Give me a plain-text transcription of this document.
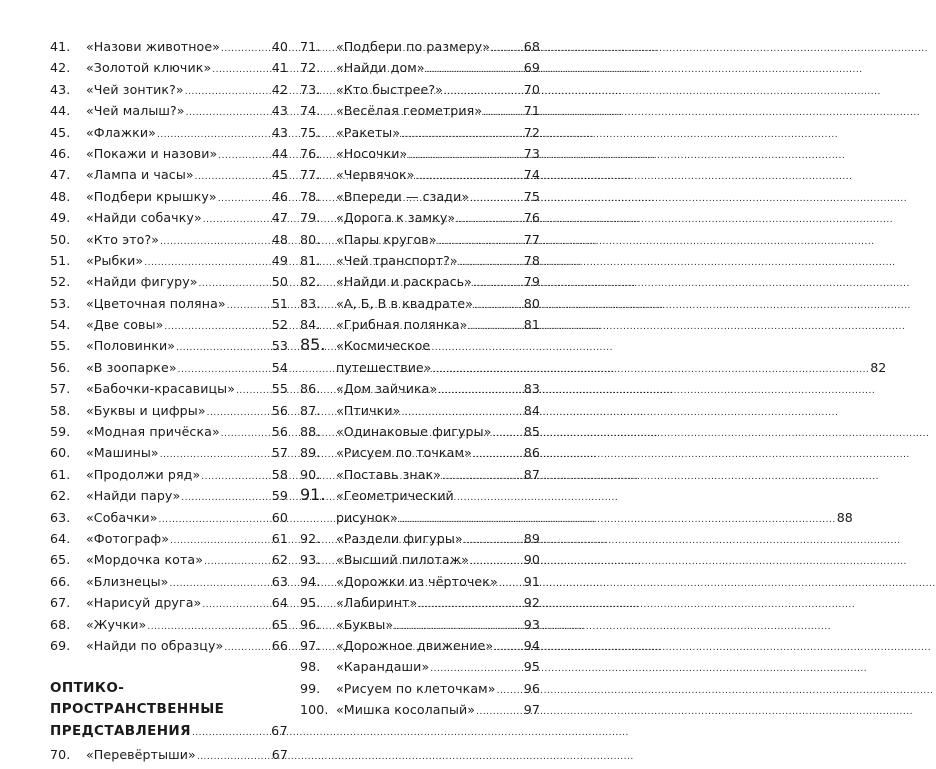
41.	«Назови животное» .....	40
42.	«Золотой ключик» .....	41
43.	«Чей зонтик?» .....	42
44.	«Чей малыш?» .....	43
45.	«Флажки» .....	43
46.	«Покажи и назови» .....	44
47.	«Лампа и часы» .....	45
48.	«Подбери крышку» .....	46
49.	«Найди собачку» .....	47
50.	«Кто это?» .....	48
51.	«Рыбки» .....	49
52.	«Найди фигуру» .....	50
53.	«Цветочная поляна» .....	51
54.	«Две совы» .....	52
55.	«Половинки» .....	53
56.	«В зоопарке» .....	54
57.	«Бабочки-красавицы» .....	55
58.	«Буквы и цифры» .....	56
59.	«Модная причёска» .....	56
60.	«Машины» .....	57
61.	«Продолжи ряд» .....	58
62.	«Найди пару» .....	59
63.	«Собачки» .....	60
64.	«Фотограф» .....	61
65.	«Мордочка кота» .....	62
66.	«Близнецы» .....	63
67.	«Нарисуй друга» .....	64
68.	«Жучки» .....	65
69.	«Найди по образцу» .....	66
ОПТИКО-
ПРОСТРАНСТВЕННЫЕ
ПРЕДСТАВЛЕНИЯ .....	67
70.	«Перевёртыши» .....	67
71.	«Подбери по размеру» .....	68
72.	«Найди дом» .....	69
73.	«Кто быстрее?» .....	70
74.	«Весёлая геометрия» .....	71
75.	«Ракеты» .....	72
76.	«Носочки» .....	73
77.	«Червячок» .....	74
78.	«Впереди — сзади» .....	75
79.	«Дорога к замку» .....	76
80.	«Пары кругов» .....	77
81.	«Чей транспорт?» .....	78
82.	«Найди и раскрась» .....	79
83.	«А, Б, В в квадрате» .....	80
84.	«Грибная полянка» .....	81
85. «Космическое
путешествие» .....	82
86.	«Дом зайчика» .....	83
87.	«Птички» .....	84
88.	«Одинаковые фигуры» .....	85
89.	«Рисуем по точкам» .....	86
90.	«Поставь знак» .....	87
91. «Геометрический
рисунок» .....	88
92.	«Раздели фигуры» .....	89
93.	«Высший пилотаж» .....	90
94.	«Дорожки из чёрточек» ..... 91
95.	«Лабиринт» .....	92
96.	«Буквы» .....	93
97.	«Дорожное движение» ..... 94
98.	«Карандаши» .....	95
99.	«Рисуем по клеточкам» ..... 96
100. «Мишка косолапый» .....	97
